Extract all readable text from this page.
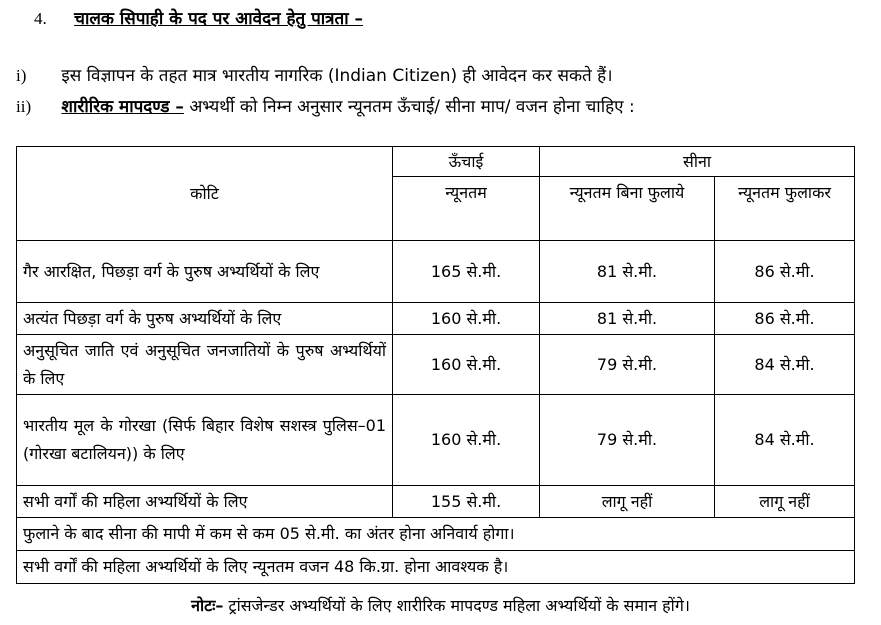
4. चालक सिपाही के पद पर आवेदन हेतु पात्रता –
i) इस विज्ञापन के तहत मात्र भारतीय नागरिक (Indian Citizen) ही आवेदन कर सकते हैं।
ii) शारीरिक मापदण्ड – अभ्यर्थी को निम्न अनुसार न्यूनतम ऊँचाई/ सीना माप/ वजन होना चाहिए :
कोटि	ऊँचाई	सीना	
	न्यूनतम	न्यूनतम बिना फुलाये	न्यूनतम फुलाकर
गैर आरक्षित, पिछड़ा वर्ग के पुरुष अभ्यर्थियों के लिए	165 से.मी.	81 से.मी.	86 से.मी.
अत्यंत पिछड़ा वर्ग के पुरुष अभ्यर्थियों के लिए	160 से.मी.	81 से.मी.	86 से.मी.
अनुसूचित जाति एवं अनुसूचित जनजातियों के पुरुष अभ्यर्थियों के लिए	160 से.मी.	79 से.मी.	84 से.मी.
भारतीय मूल के गोरखा (सिर्फ बिहार विशेष सशस्त्र पुलिस–01 (गोरखा बटालियन)) के लिए	160 से.मी.	79 से.मी.	84 से.मी.
सभी वर्गों की महिला अभ्यर्थियों के लिए	155 से.मी.	लागू नहीं	लागू नहीं
फुलाने के बाद सीना की मापी में कम से कम 05 से.मी. का अंतर होना अनिवार्य होगा।			
सभी वर्गों की महिला अभ्यर्थियों के लिए न्यूनतम वजन 48 कि.ग्रा. होना आवश्यक है।			
नोटः– ट्रांसजेन्डर अभ्यर्थियों के लिए शारीरिक मापदण्ड महिला अभ्यर्थियों के समान होंगे।
